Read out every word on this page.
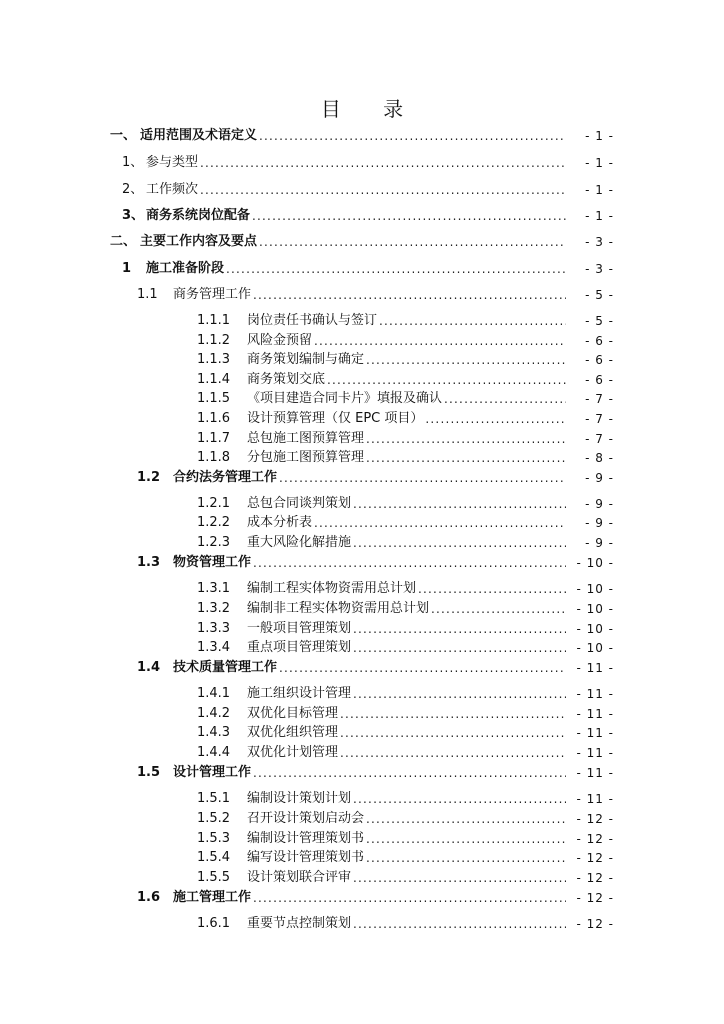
目 录
一、 适用范围及术语定义 .....	- 1 -
1、 参与类型 .....	- 1 -
2、 工作频次 .....	- 1 -
3、 商务系统岗位配备 .....	- 1 -
二、 主要工作内容及要点 .....	- 3 -
1 施工准备阶段 .....	- 3 -
1.1 商务管理工作 .....	- 5 -
1.1.1 岗位责任书确认与签订 .....	- 5 -
1.1.2 风险金预留 .....	- 6 -
1.1.3 商务策划编制与确定 .....	- 6 -
1.1.4 商务策划交底 .....	- 6 -
1.1.5 《项目建造合同卡片》填报及确认 .....	- 7 -
1.1.6 设计预算管理（仅 EPC 项目） .....	- 7 -
1.1.7 总包施工图预算管理 .....	- 7 -
1.1.8 分包施工图预算管理 .....	- 8 -
1.2 合约法务管理工作 .....	- 9 -
1.2.1 总包合同谈判策划 .....	- 9 -
1.2.2 成本分析表 .....	- 9 -
1.2.3 重大风险化解措施 .....	- 9 -
1.3 物资管理工作 .....	- 10 -
1.3.1 编制工程实体物资需用总计划 .....	- 10 -
1.3.2 编制非工程实体物资需用总计划 .....	- 10 -
1.3.3 一般项目管理策划 .....	- 10 -
1.3.4 重点项目管理策划 .....	- 10 -
1.4 技术质量管理工作 .....	- 11 -
1.4.1 施工组织设计管理 .....	- 11 -
1.4.2 双优化目标管理 .....	- 11 -
1.4.3 双优化组织管理 .....	- 11 -
1.4.4 双优化计划管理 .....	- 11 -
1.5 设计管理工作 .....	- 11 -
1.5.1 编制设计策划计划 .....	- 11 -
1.5.2 召开设计策划启动会 .....	- 12 -
1.5.3 编制设计管理策划书 .....	- 12 -
1.5.4 编写设计管理策划书 .....	- 12 -
1.5.5 设计策划联合评审 .....	- 12 -
1.6 施工管理工作 .....	- 12 -
1.6.1 重要节点控制策划 .....	- 12 -
